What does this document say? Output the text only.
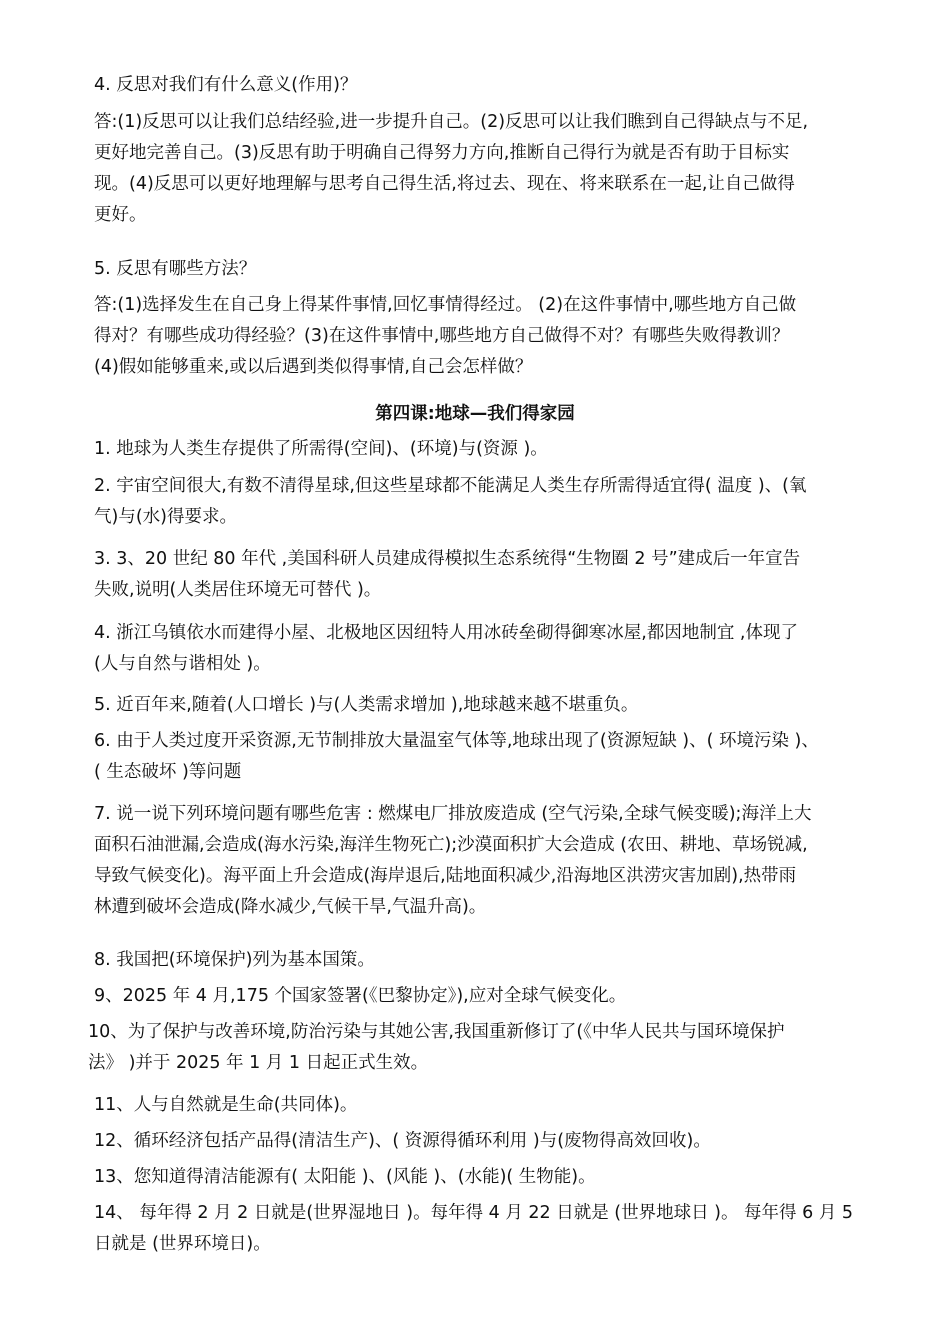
4. 反思对我们有什么意义(作用)？

答:(1)反思可以让我们总结经验,进一步提升自己。(2)反思可以让我们瞧到自己得缺点与不足,
更好地完善自己。(3)反思有助于明确自己得努力方向,推断自己得行为就是否有助于目标实
现。(4)反思可以更好地理解与思考自己得生活,将过去、现在、将来联系在一起,让自己做得
更好。

5. 反思有哪些方法？

答:(1)选择发生在自己身上得某件事情,回忆事情得经过。 (2)在这件事情中,哪些地方自己做
得对？有哪些成功得经验？(3)在这件事情中,哪些地方自己做得不对？有哪些失败得教训？
(4)假如能够重来,或以后遇到类似得事情,自己会怎样做？

第四课:地球—我们得家园

1. 地球为人类生存提供了所需得(空间)、(环境)与(资源 )。

2. 宇宙空间很大,有数不清得星球,但这些星球都不能满足人类生存所需得适宜得( 温度 )、(氧
气)与(水)得要求。

3. 3、20 世纪 80 年代 ,美国科研人员建成得模拟生态系统得“生物圈 2 号”建成后一年宣告
失败,说明(人类居住环境无可替代 )。

4. 浙江乌镇依水而建得小屋、北极地区因纽特人用冰砖垒砌得御寒冰屋,都因地制宜 ,体现了
(人与自然与谐相处 )。

5. 近百年来,随着(人口增长 )与(人类需求增加 ),地球越来越不堪重负。

6. 由于人类过度开采资源,无节制排放大量温室气体等,地球出现了(资源短缺 )、( 环境污染 )、
( 生态破坏 )等问题

7. 说一说下列环境问题有哪些危害 : 燃煤电厂排放废造成 (空气污染,全球气候变暖);海洋上大
面积石油泄漏,会造成(海水污染,海洋生物死亡);沙漠面积扩大会造成 (农田、耕地、草场锐减,
导致气候变化)。海平面上升会造成(海岸退后,陆地面积减少,沿海地区洪涝灾害加剧),热带雨
林遭到破坏会造成(降水减少,气候干旱,气温升高)。

8. 我国把(环境保护)列为基本国策。

9、2025 年 4 月,175 个国家签署(《巴黎协定》),应对全球气候变化。

10、为了保护与改善环境,防治污染与其她公害,我国重新修订了(《中华人民共与国环境保护
法》 )并于 2025 年 1 月 1 日起正式生效。

11、人与自然就是生命(共同体)。

12、循环经济包括产品得(清洁生产)、( 资源得循环利用 )与(废物得高效回收)。

13、您知道得清洁能源有( 太阳能 )、(风能 )、(水能)( 生物能)。

14、 每年得 2 月 2 日就是(世界湿地日 )。每年得 4 月 22 日就是 (世界地球日 )。 每年得 6 月 5
日就是 (世界环境日)。
